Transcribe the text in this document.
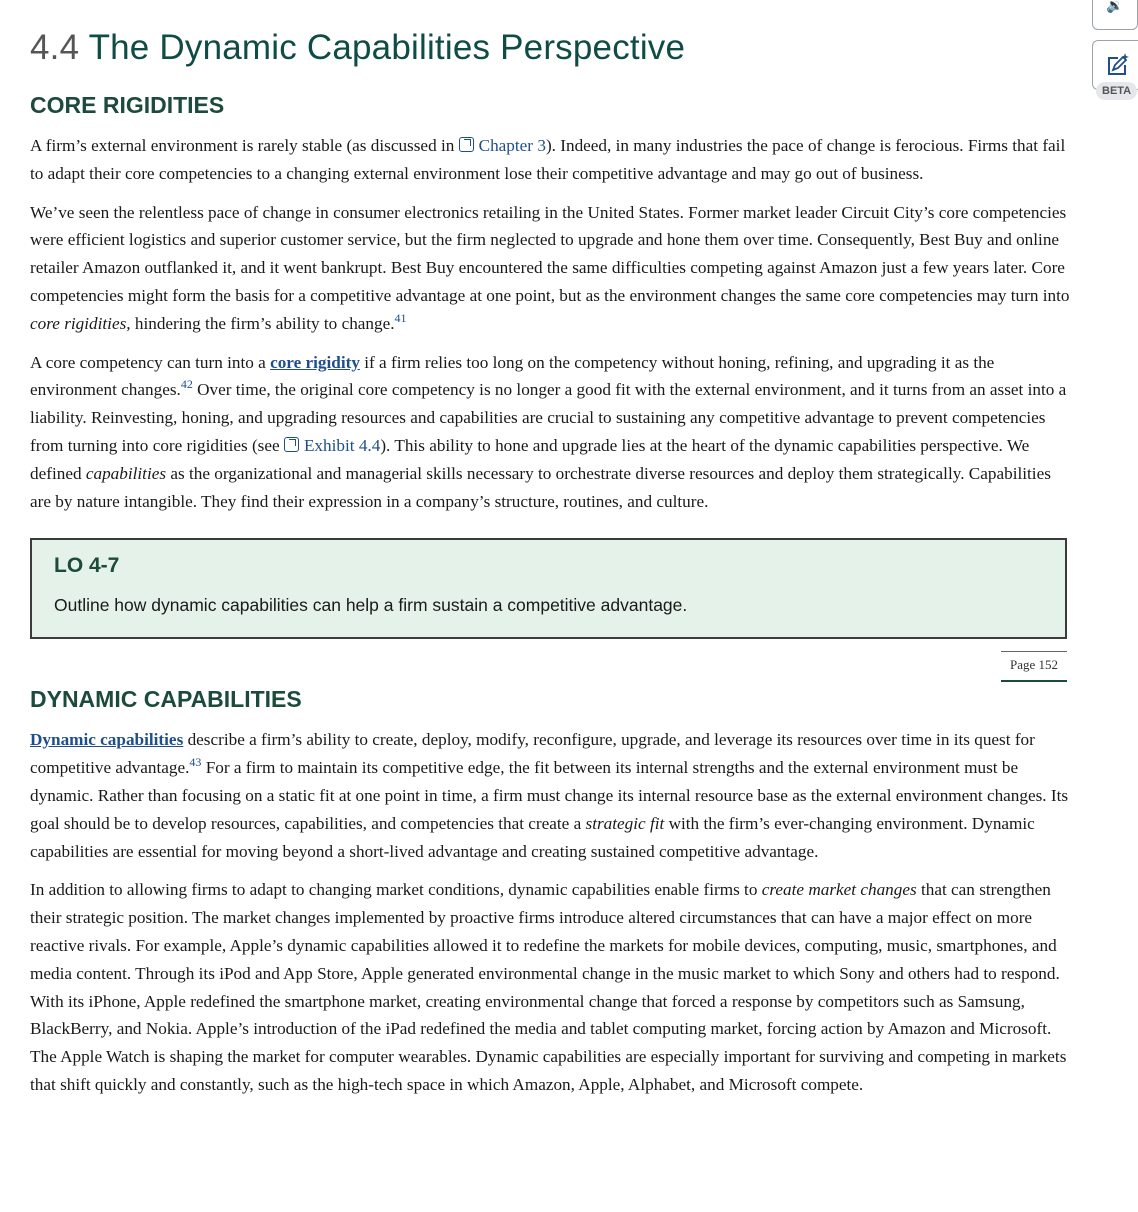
4.4 The Dynamic Capabilities Perspective
CORE RIGIDITIES

A firm’s external environment is rarely stable (as discussed in Chapter 3). Indeed, in many industries the pace of change is ferocious. Firms that fail to adapt their core competencies to a changing external environment lose their competitive advantage and may go out of business.

We’ve seen the relentless pace of change in consumer electronics retailing in the United States. Former market leader Circuit City’s core competencies were efficient logistics and superior customer service, but the firm neglected to upgrade and hone them over time. Consequently, Best Buy and online retailer Amazon outflanked it, and it went bankrupt. Best Buy encountered the same difficulties competing against Amazon just a few years later. Core competencies might form the basis for a competitive advantage at one point, but as the environment changes the same core competencies may turn into core rigidities, hindering the firm’s ability to change.$^{41}$

A core competency can turn into a core rigidity if a firm relies too long on the competency without honing, refining, and upgrading it as the environment changes.$^{42}$ Over time, the original core competency is no longer a good fit with the external environment, and it turns from an asset into a liability. Reinvesting, honing, and upgrading resources and capabilities are crucial to sustaining any competitive advantage to prevent competencies from turning into core rigidities (see Exhibit 4.4). This ability to hone and upgrade lies at the heart of the dynamic capabilities perspective. We defined capabilities as the organizational and managerial skills necessary to orchestrate diverse resources and deploy them strategically. Capabilities are by nature intangible. They find their expression in a company’s structure, routines, and culture.

LO 4-7
Outline how dynamic capabilities can help a firm sustain a competitive advantage.
Page 152
DYNAMIC CAPABILITIES

Dynamic capabilities describe a firm’s ability to create, deploy, modify, reconfigure, upgrade, and leverage its resources over time in its quest for competitive advantage.$^{43}$ For a firm to maintain its competitive edge, the fit between its internal strengths and the external environment must be dynamic. Rather than focusing on a static fit at one point in time, a firm must change its internal resource base as the external environment changes. Its goal should be to develop resources, capabilities, and competencies that create a strategic fit with the firm’s ever-changing environment. Dynamic capabilities are essential for moving beyond a short-lived advantage and creating sustained competitive advantage.

In addition to allowing firms to adapt to changing market conditions, dynamic capabilities enable firms to create market changes that can strengthen their strategic position. The market changes implemented by proactive firms introduce altered circumstances that can have a major effect on more reactive rivals. For example, Apple’s dynamic capabilities allowed it to redefine the markets for mobile devices, computing, music, smartphones, and media content. Through its iPod and App Store, Apple generated environmental change in the music market to which Sony and others had to respond. With its iPhone, Apple redefined the smartphone market, creating environmental change that forced a response by competitors such as Samsung, BlackBerry, and Nokia. Apple’s introduction of the iPad redefined the media and tablet computing market, forcing action by Amazon and Microsoft. The Apple Watch is shaping the market for computer wearables. Dynamic capabilities are especially important for surviving and competing in markets that shift quickly and constantly, such as the high-tech space in which Amazon, Apple, Alphabet, and Microsoft compete.

🔉
BETA
